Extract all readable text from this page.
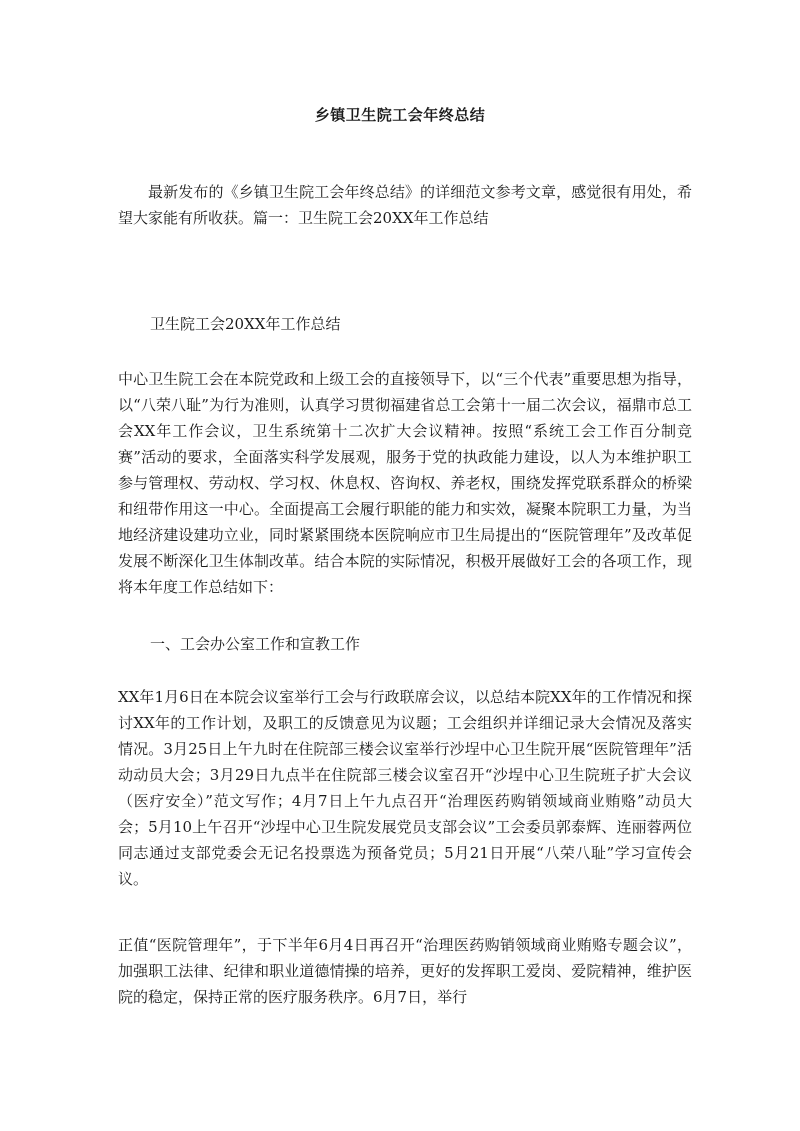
乡镇卫生院工会年终总结

最新发布的《乡镇卫生院工会年终总结》的详细范文参考文章，感觉很有用处，希望大家能有所收获。篇一：卫生院工会20XX年工作总结

卫生院工会20XX年工作总结

中心卫生院工会在本院党政和上级工会的直接领导下，以“三个代表”重要思想为指导，以“八荣八耻”为行为准则，认真学习贯彻福建省总工会第十一届二次会议，福鼎市总工会XX年工作会议，卫生系统第十二次扩大会议精神。按照“系统工会工作百分制竞赛”活动的要求，全面落实科学发展观，服务于党的执政能力建设，以人为本维护职工参与管理权、劳动权、学习权、休息权、咨询权、养老权，围绕发挥党联系群众的桥梁和纽带作用这一中心。全面提高工会履行职能的能力和实效，凝聚本院职工力量，为当地经济建设建功立业，同时紧紧围绕本医院响应市卫生局提出的“医院管理年”及改革促发展不断深化卫生体制改革。结合本院的实际情况，积极开展做好工会的各项工作，现将本年度工作总结如下：

一、工会办公室工作和宣教工作

XX年1月6日在本院会议室举行工会与行政联席会议，以总结本院XX年的工作情况和探讨XX年的工作计划，及职工的反馈意见为议题；工会组织并详细记录大会情况及落实情况。3月25日上午九时在住院部三楼会议室举行沙埕中心卫生院开展“医院管理年”活动动员大会；3月29日九点半在住院部三楼会议室召开“沙埕中心卫生院班子扩大会议（医疗安全）”范文写作；4月7日上午九点召开“治理医药购销领域商业贿赂”动员大会；5月10上午召开“沙埕中心卫生院发展党员支部会议”工会委员郭泰辉、连丽蓉两位同志通过支部党委会无记名投票选为预备党员；5月21日开展“八荣八耻”学习宣传会议。

正值“医院管理年”，于下半年6月4日再召开“治理医药购销领域商业贿赂专题会议”，加强职工法律、纪律和职业道德情操的培养，更好的发挥职工爱岗、爱院精神，维护医院的稳定，保持正常的医疗服务秩序。6月7日，举行
